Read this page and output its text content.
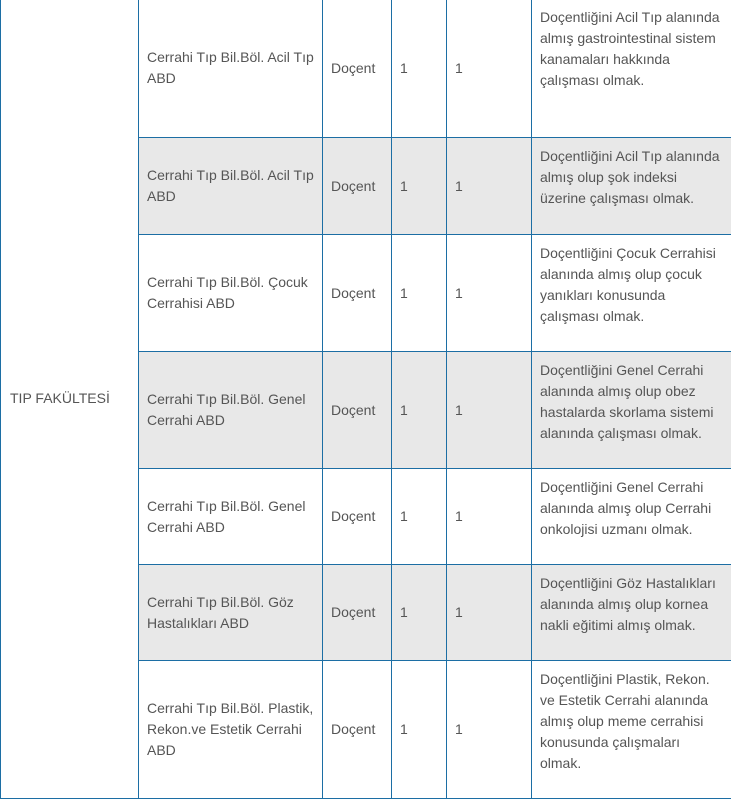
TIP FAKÜLTESİ	Cerrahi Tıp Bil.Böl. Acil Tıp ABD	Doçent	1	1	Doçentliğini Acil Tıp alanında almış gastrointestinal sistem kanamaları hakkında çalışması olmak.
	Cerrahi Tıp Bil.Böl. Acil Tıp ABD	Doçent	1	1	Doçentliğini Acil Tıp alanında almış olup şok indeksi üzerine çalışması olmak.
	Cerrahi Tıp Bil.Böl. Çocuk Cerrahisi ABD	Doçent	1	1	Doçentliğini Çocuk Cerrahisi alanında almış olup çocuk yanıkları konusunda çalışması olmak.
	Cerrahi Tıp Bil.Böl. Genel Cerrahi ABD	Doçent	1	1	Doçentliğini Genel Cerrahi alanında almış olup obez hastalarda skorlama sistemi alanında çalışması olmak.
	Cerrahi Tıp Bil.Böl. Genel Cerrahi ABD	Doçent	1	1	Doçentliğini Genel Cerrahi alanında almış olup Cerrahi onkolojisi uzmanı olmak.
	Cerrahi Tıp Bil.Böl. Göz Hastalıkları ABD	Doçent	1	1	Doçentliğini Göz Hastalıkları alanında almış olup kornea nakli eğitimi almış olmak.
	Cerrahi Tıp Bil.Böl. Plastik, Rekon.ve Estetik Cerrahi ABD	Doçent	1	1	Doçentliğini Plastik, Rekon. ve Estetik Cerrahi alanında almış olup meme cerrahisi konusunda çalışmaları olmak.
